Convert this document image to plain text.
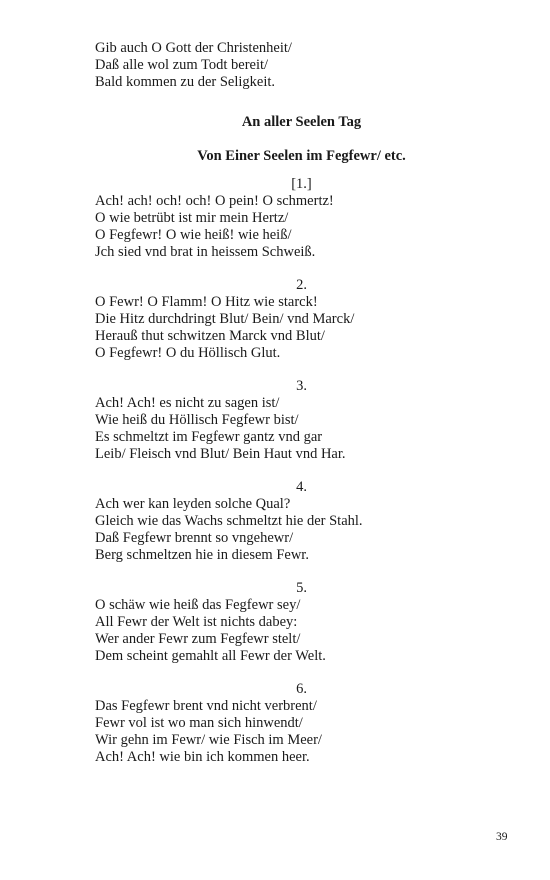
Gib auch O Gott der Christenheit/
Daß alle wol zum Todt bereit/
Bald kommen zu der Seligkeit.
An aller Seelen Tag
Von Einer Seelen im Fegfewr/ etc.
[1.]
Ach! ach! och! och! O pein! O schmertz!
O wie betrübt ist mir mein Hertz/
O Fegfewr! O wie heiß! wie heiß/
Jch sied vnd brat in heissem Schweiß.
2.
O Fewr! O Flamm! O Hitz wie starck!
Die Hitz durchdringt Blut/ Bein/ vnd Marck/
Herauß thut schwitzen Marck vnd Blut/
O Fegfewr! O du Höllisch Glut.
3.
Ach! Ach! es nicht zu sagen ist/
Wie heiß du Höllisch Fegfewr bist/
Es schmeltzt im Fegfewr gantz vnd gar
Leib/ Fleisch vnd Blut/ Bein Haut vnd Har.
4.
Ach wer kan leyden solche Qual?
Gleich wie das Wachs schmeltzt hie der Stahl.
Daß Fegfewr brennt so vngehewr/
Berg schmeltzen hie in diesem Fewr.
5.
O schäw wie heiß das Fegfewr sey/
All Fewr der Welt ist nichts dabey:
Wer ander Fewr zum Fegfewr stelt/
Dem scheint gemahlt all Fewr der Welt.
6.
Das Fegfewr brent vnd nicht verbrent/
Fewr vol ist wo man sich hinwendt/
Wir gehn im Fewr/ wie Fisch im Meer/
Ach! Ach! wie bin ich kommen heer.
39
